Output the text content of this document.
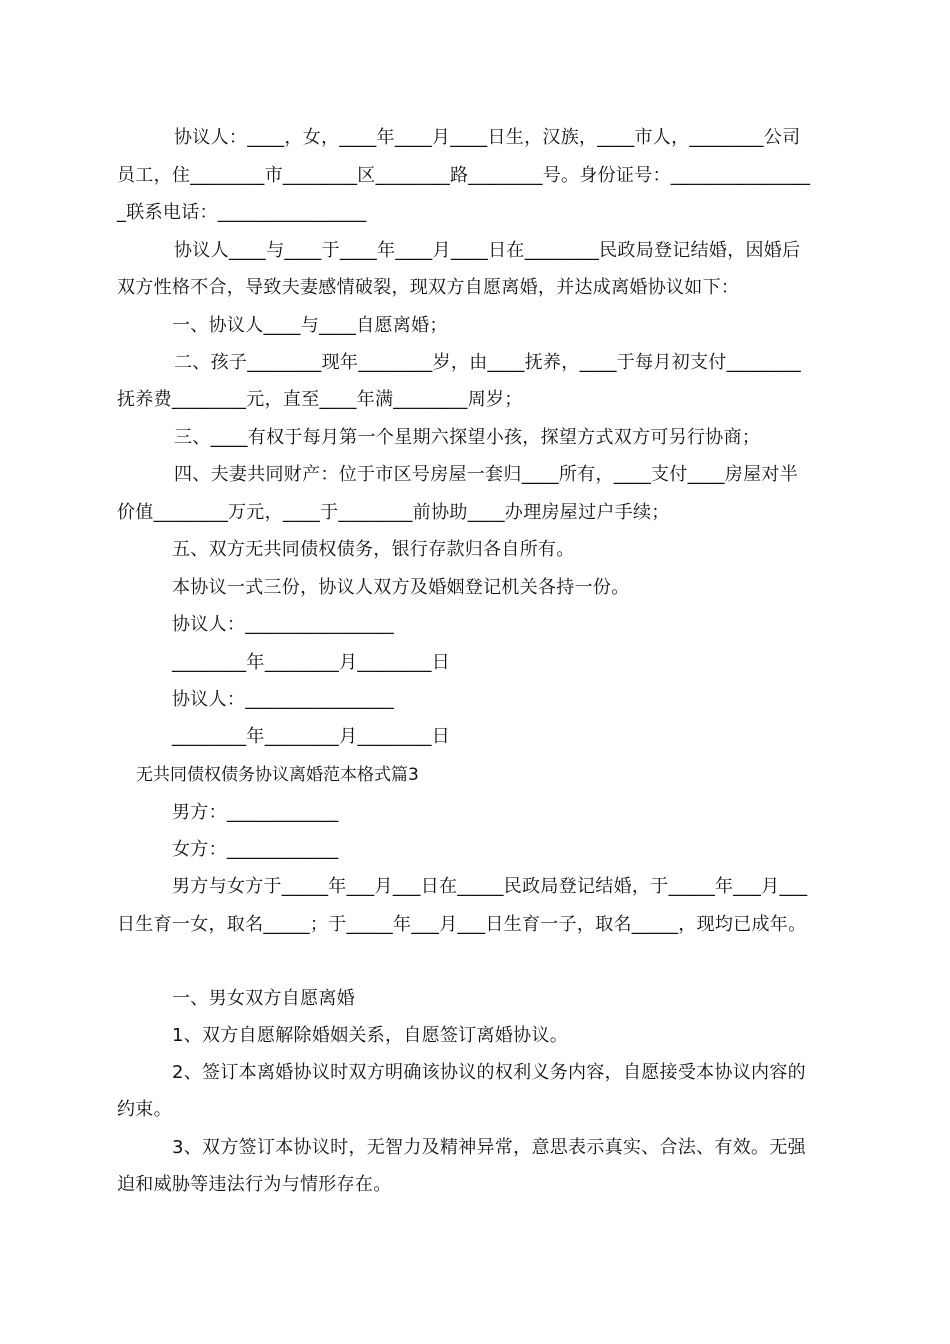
协议人：____，女，____年____月____日生，汉族，____市人，________公司
员工，住________市________区________路________号。身份证号：_______________
_联系电话：________________
协议人____与____于____年____月____日在________民政局登记结婚，因婚后
双方性格不合，导致夫妻感情破裂，现双方自愿离婚，并达成离婚协议如下：
一、协议人____与____自愿离婚；
二、孩子________现年________岁，由____抚养，____于每月初支付________
抚养费________元，直至____年满________周岁；
三、____有权于每月第一个星期六探望小孩，探望方式双方可另行协商；
四、夫妻共同财产：位于市区号房屋一套归____所有，____支付____房屋对半
价值________万元，____于________前协助____办理房屋过户手续；
五、双方无共同债权债务，银行存款归各自所有。
本协议一式三份，协议人双方及婚姻登记机关各持一份。
协议人：________________
________年________月________日
协议人：________________
________年________月________日
无共同债权债务协议离婚范本格式篇3
男方：____________
女方：____________
男方与女方于_____年___月___日在_____民政局登记结婚，于_____年___月___
日生育一女，取名_____；于_____年___月___日生育一子，取名_____，现均已成年。
一、男女双方自愿离婚
1、双方自愿解除婚姻关系，自愿签订离婚协议。
2、签订本离婚协议时双方明确该协议的权利义务内容，自愿接受本协议内容的
约束。
3、双方签订本协议时，无智力及精神异常，意思表示真实、合法、有效。无强
迫和威胁等违法行为与情形存在。
